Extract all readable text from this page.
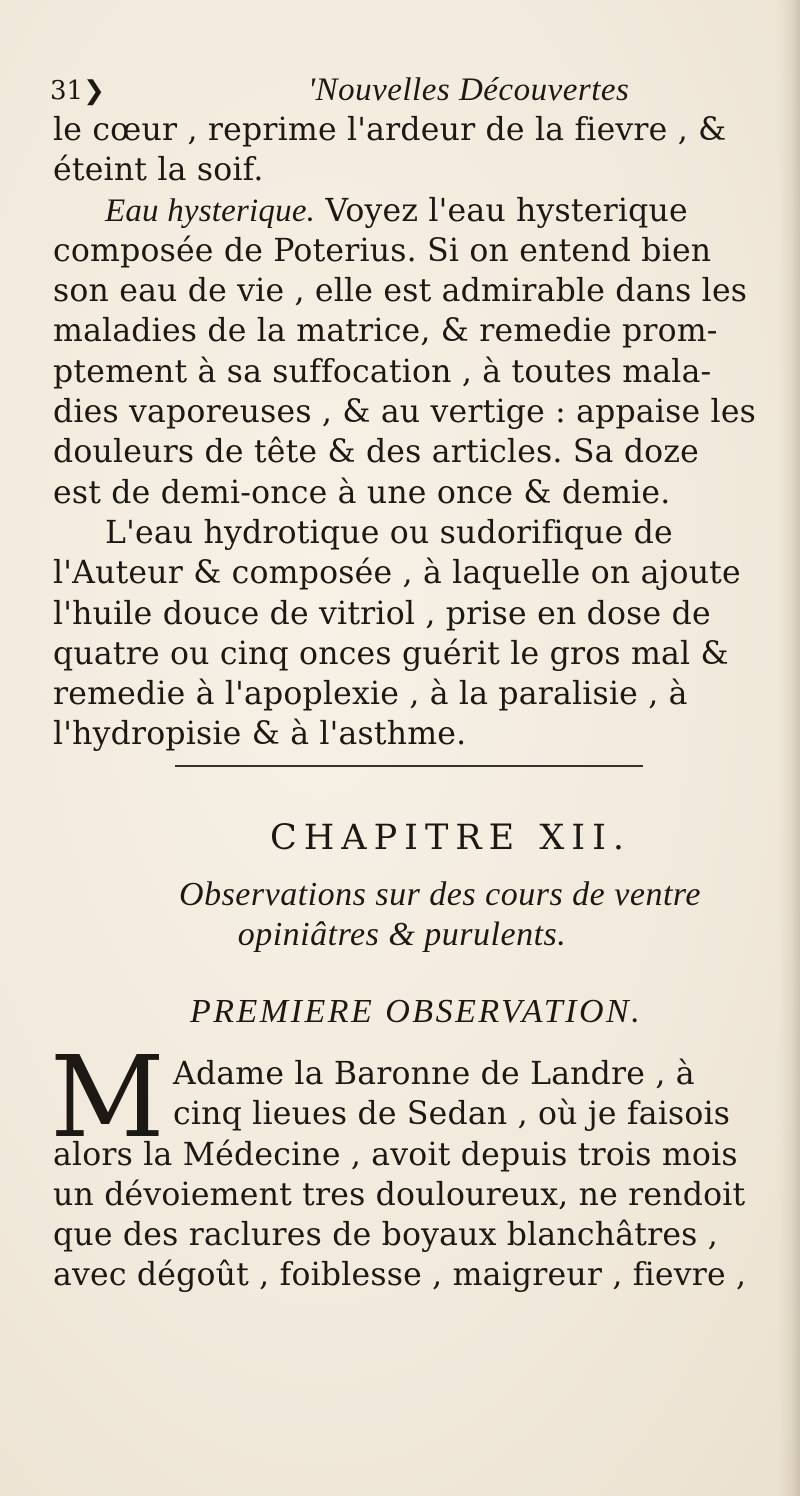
31❯	'Nouvelles Découvertes
le cœur , reprime l'ardeur de la fievre , &
éteint la soif.
Eau hysterique. Voyez l'eau hysterique
composée de Poterius. Si on entend bien
son eau de vie , elle est admirable dans les
maladies de la matrice, & remedie prom-
ptement à sa suffocation , à toutes mala-
dies vaporeuses , & au vertige : appaise les
douleurs de tête & des articles. Sa doze
est de demi-once à une once & demie.
L'eau hydrotique ou sudorifique de
l'Auteur & composée , à laquelle on ajoute
l'huile douce de vitriol , prise en dose de
quatre ou cinq onces guérit le gros mal &
remedie à l'apoplexie , à la paralisie , à
l'hydropisie & à l'asthme.
CHAPITRE XII.
Observations sur des cours de ventre
opiniâtres & purulents.
PREMIERE OBSERVATION.
M Adame la Baronne de Landre , à
cinq lieues de Sedan , où je faisois
alors la Médecine , avoit depuis trois mois
un dévoiement tres douloureux, ne rendoit
que des raclures de boyaux blanchâtres ,
avec dégoût , foiblesse , maigreur , fievre ,
